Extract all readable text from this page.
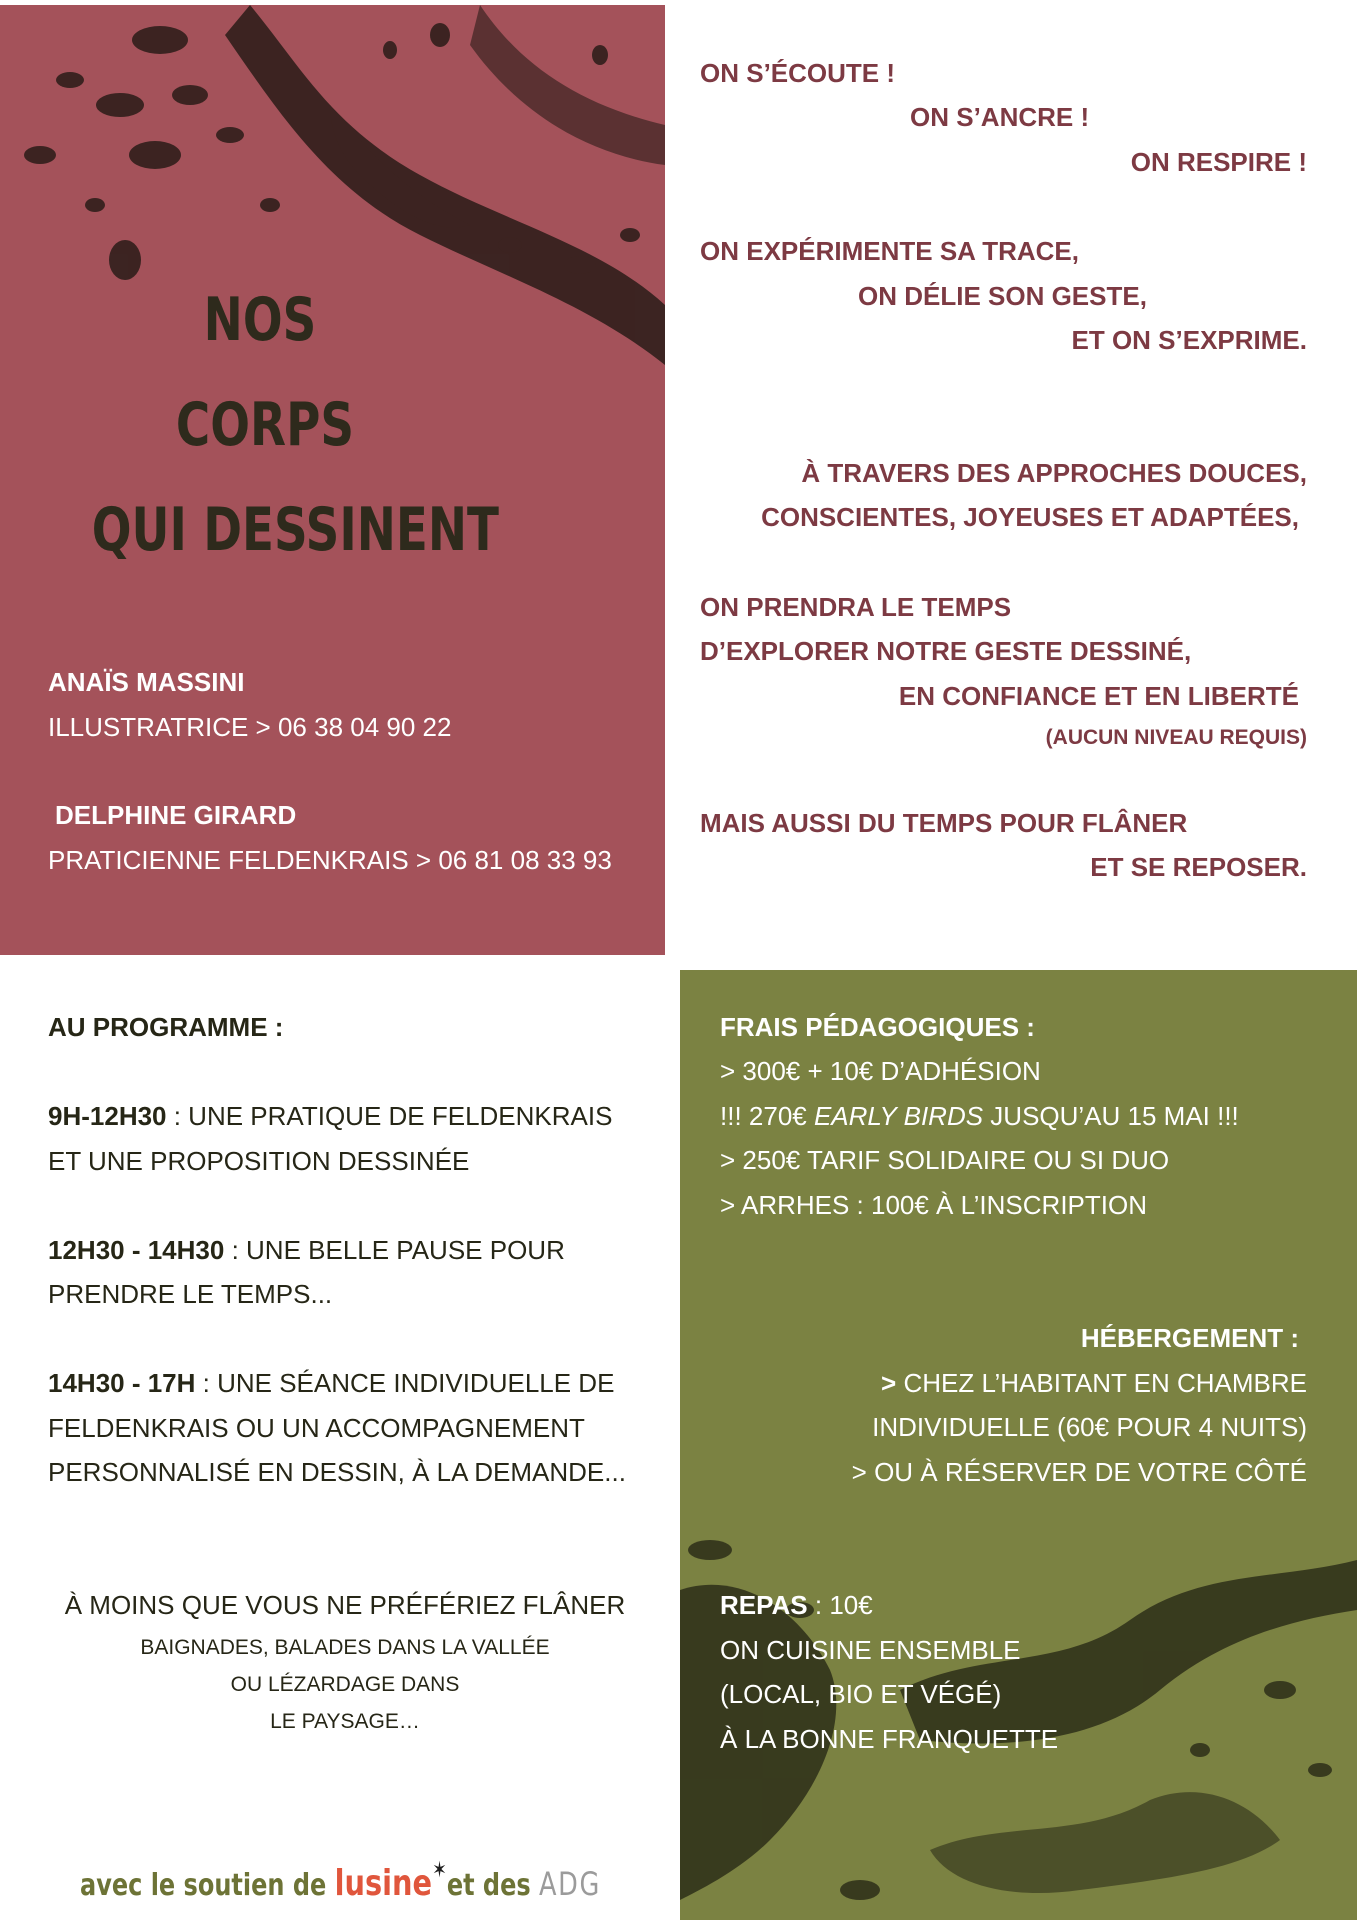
NOS
CORPS
QUI DESSINENT
ANAÏS MASSINI
ILLUSTRATRICE > 06 38 04 90 22
DELPHINE GIRARD
PRATICIENNE FELDENKRAIS > 06 81 08 33 93
ON S’ÉCOUTE !
ON S’ANCRE !
ON RESPIRE !
ON EXPÉRIMENTE SA TRACE,
ON DÉLIE SON GESTE,
ET ON S’EXPRIME.
À TRAVERS DES APPROCHES DOUCES,
CONSCIENTES, JOYEUSES ET ADAPTÉES,
ON PRENDRA LE TEMPS
D’EXPLORER NOTRE GESTE DESSINÉ,
EN CONFIANCE ET EN LIBERTÉ
(AUCUN NIVEAU REQUIS)
MAIS AUSSI DU TEMPS POUR FLÂNER
ET SE REPOSER.
AU PROGRAMME :
9H-12H30 : UNE PRATIQUE DE FELDENKRAIS
ET UNE PROPOSITION DESSINÉE
12H30 - 14H30 : UNE BELLE PAUSE POUR
PRENDRE LE TEMPS...
14H30 - 17H : UNE SÉANCE INDIVIDUELLE DE
FELDENKRAIS OU UN ACCOMPAGNEMENT
PERSONNALISÉ EN DESSIN, À LA DEMANDE...
À MOINS QUE VOUS NE PRÉFÉRIEZ FLÂNER
BAIGNADES, BALADES DANS LA VALLÉE
OU LÉZARDAGE DANS
LE PAYSAGE…
avec le soutien de lusine✶et des ADG
FRAIS PÉDAGOGIQUES :
> 300€ + 10€ D’ADHÉSION
!!! 270€ EARLY BIRDS JUSQU’AU 15 MAI !!!
> 250€ TARIF SOLIDAIRE OU SI DUO
> ARRHES : 100€ À L’INSCRIPTION
HÉBERGEMENT :
> CHEZ L’HABITANT EN CHAMBRE
INDIVIDUELLE (60€ POUR 4 NUITS)
> OU À RÉSERVER DE VOTRE CÔTÉ
REPAS : 10€
ON CUISINE ENSEMBLE
(LOCAL, BIO ET VÉGÉ)
À LA BONNE FRANQUETTE
